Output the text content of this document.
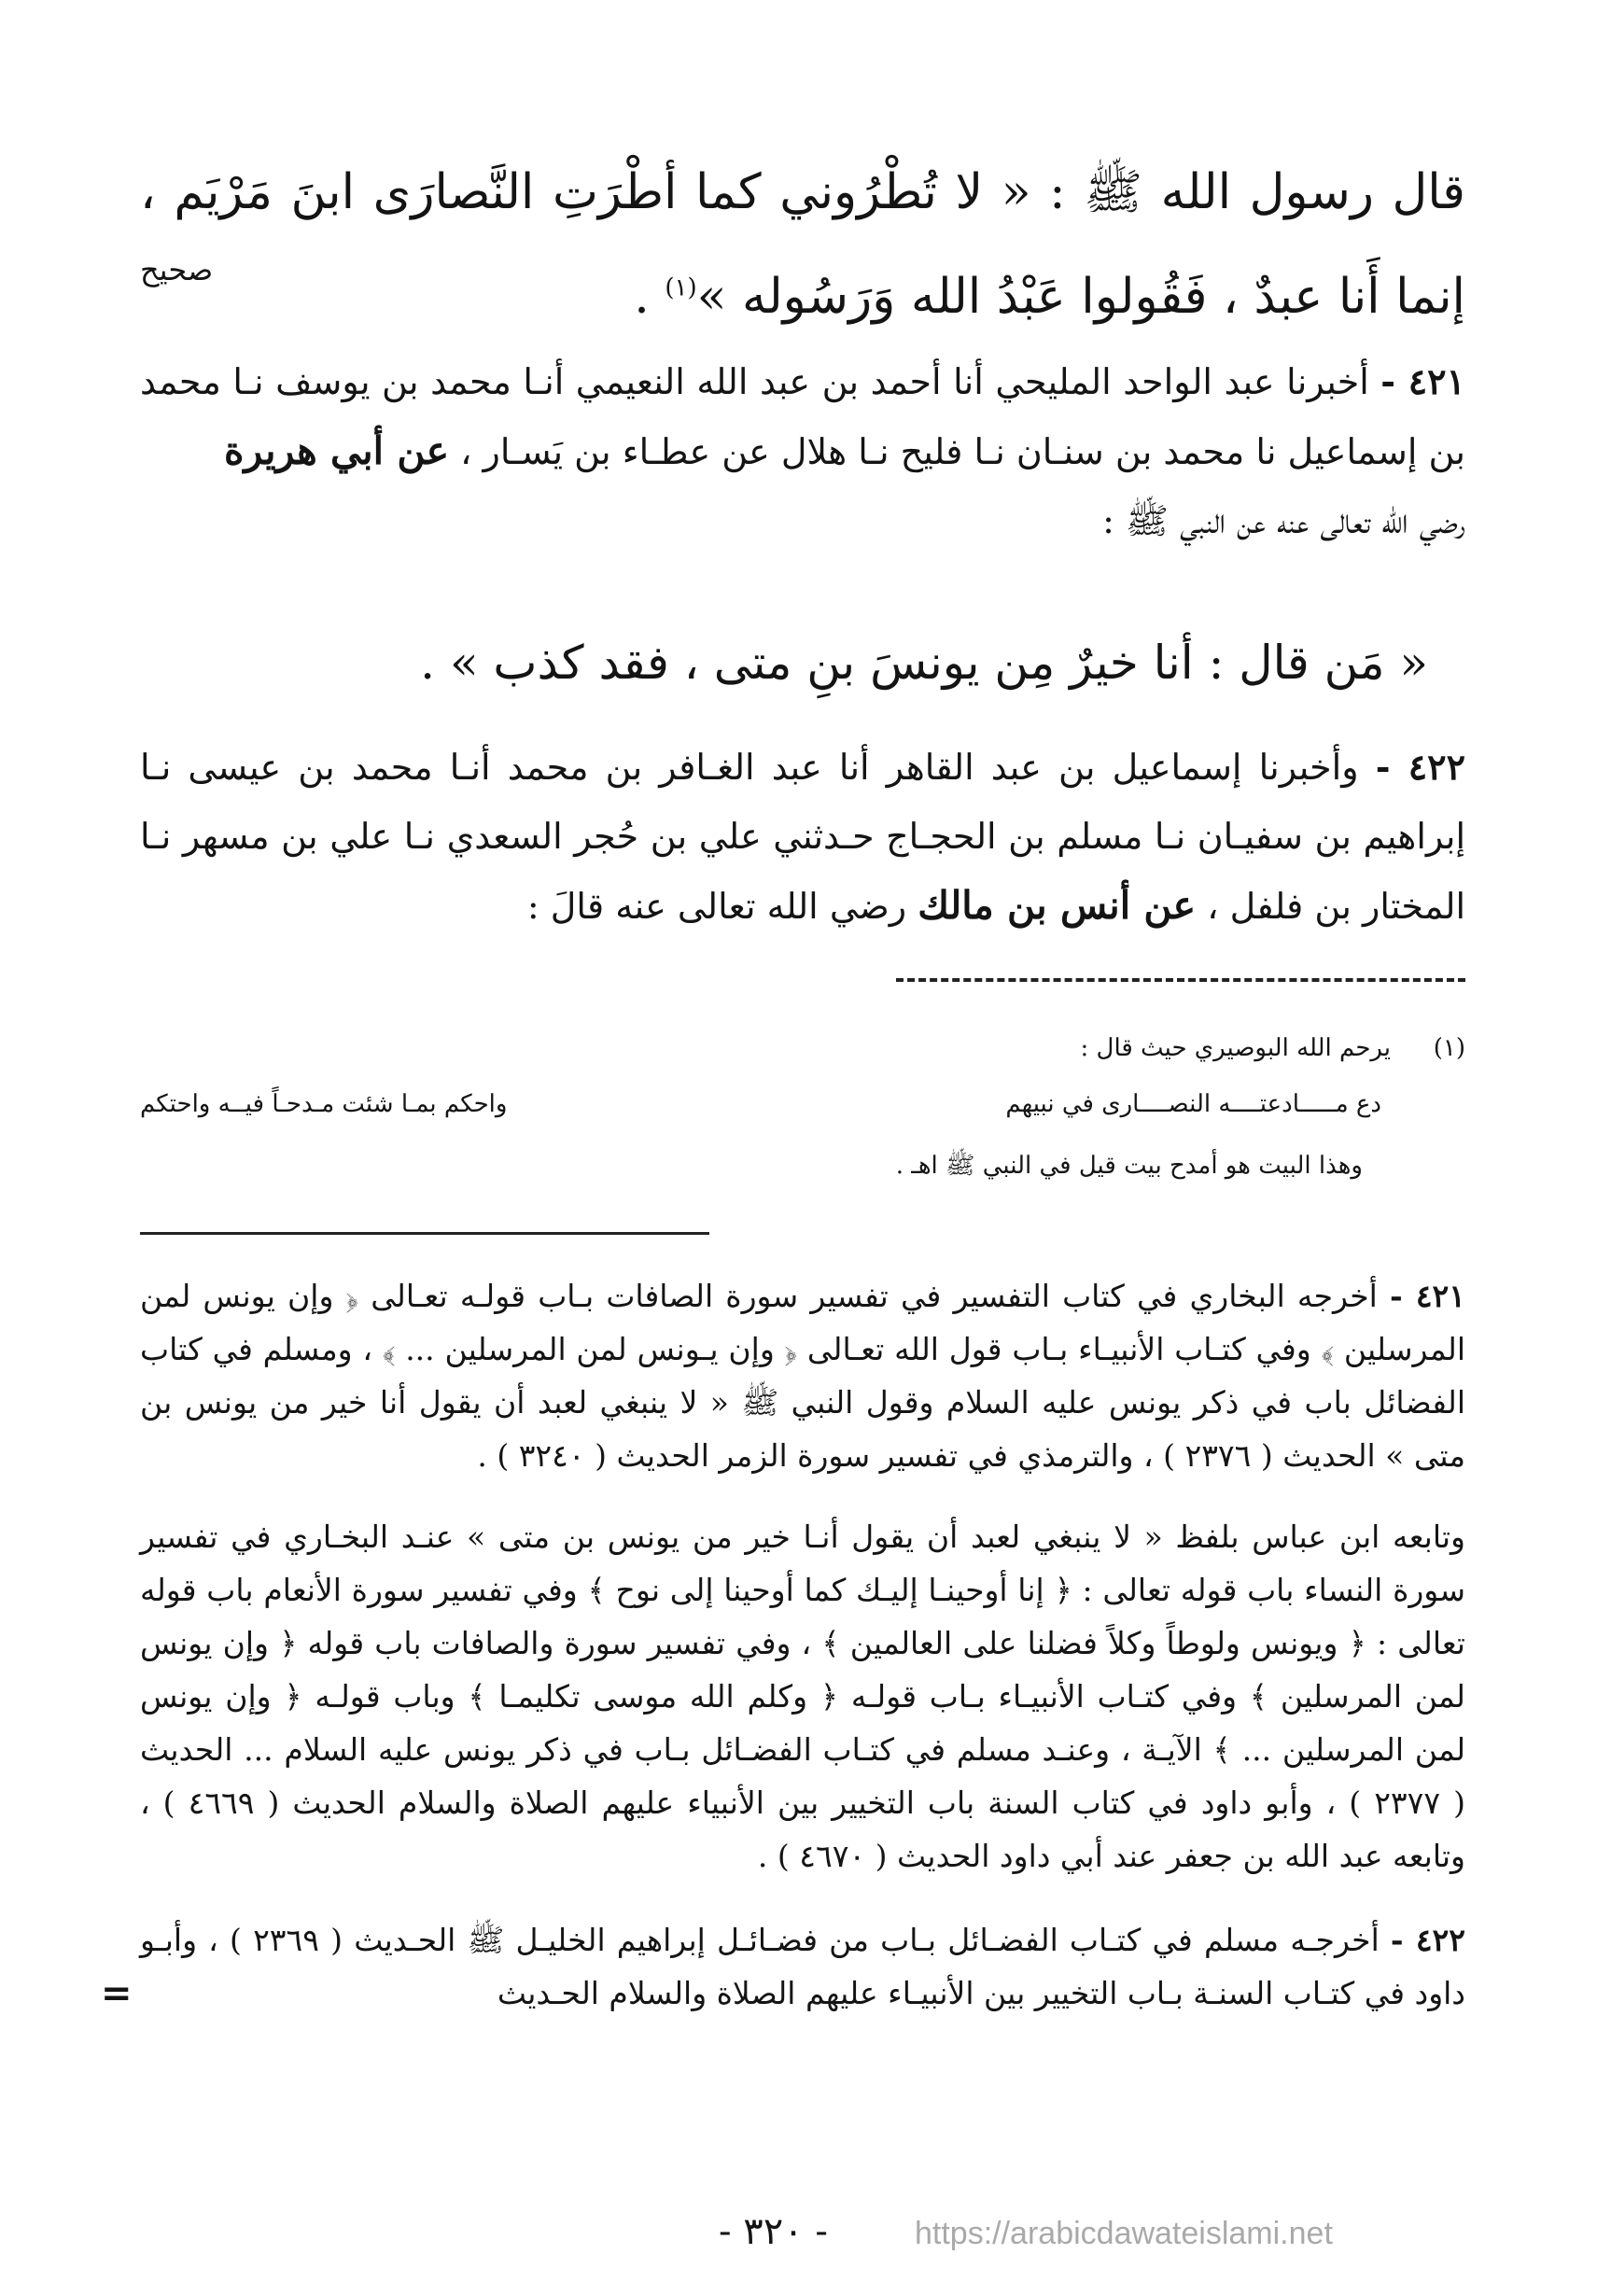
قال رسول الله ﷺ : « لا تُطْرُوني كما أطْرَتِ النَّصارَى ابنَ مَرْيَم ، إنما أَنا عبدٌ ، فَقُولوا عَبْدُ الله وَرَسُوله »$^{(١)}$ .

صحيح

٤٢١ - أخبرنا عبد الواحد المليحي أنا أحمد بن عبد الله النعيمي أنـا محمد بن يوسف نـا محمد بن إسماعيل نا محمد بن سنـان نـا فليح نـا هلال عن عطـاء بن يَسـار ، عن أبي هريرة
رضي الله تعالى عنه عن النبي ﷺ :

« مَن قال : أنا خيرٌ مِن يونسَ بنِ متى ، فقد كذب » .

٤٢٢ - وأخبرنا إسماعيل بن عبد القاهر أنا عبد الغـافر بن محمد أنـا محمد بن عيسى نـا إبراهيم بن سفيـان نـا مسلم بن الحجـاج حـدثني علي بن حُجر السعدي نـا علي بن مسهر نـا المختار بن فلفل ، عن أنس بن مالك رضي الله تعالى عنه قالَ :

(١)يرحم الله البوصيري حيث قال :

دع مـــــادعتــــه النصــــارى في نبيهم
واحكم بمـا شئت مـدحـاً فيــه واحتكم

وهذا البيت هو أمدح بيت قيل في النبي ﷺ اهـ .

٤٢١ - أخرجه البخاري في كتاب التفسير في تفسير سورة الصافات بـاب قولـه تعـالى ﴿ وإن يونس لمن المرسلين ﴾ وفي كتـاب الأنبيـاء بـاب قول الله تعـالى ﴿ وإن يـونس لمن المرسلين ... ﴾ ، ومسلم في كتاب الفضائل باب في ذكر يونس عليه السلام وقول النبي ﷺ « لا ينبغي لعبد أن يقول أنا خير من يونس بن متى » الحديث ( ٢٣٧٦ ) ، والترمذي في تفسير سورة الزمر الحديث ( ٣٢٤٠ ) .

وتابعه ابن عباس بلفظ « لا ينبغي لعبد أن يقول أنـا خير من يونس بن متى » عنـد البخـاري في تفسير سورة النساء باب قوله تعالى : ﴿ إنا أوحينـا إليـك كما أوحينا إلى نوح ﴾ وفي تفسير سورة الأنعام باب قوله تعالى : ﴿ ويونس ولوطاً وكلاً فضلنا على العالمين ﴾ ، وفي تفسير سورة والصافات باب قوله ﴿ وإن يونس لمن المرسلين ﴾ وفي كتـاب الأنبيـاء بـاب قولـه ﴿ وكلم الله موسى تكليمـا ﴾ وباب قولـه ﴿ وإن يونس لمن المرسلين ... ﴾ الآيـة ، وعنـد مسلم في كتـاب الفضـائل بـاب في ذكر يونس عليه السلام ... الحديث ( ٢٣٧٧ ) ، وأبو داود في كتاب السنة باب التخيير بين الأنبياء عليهم الصلاة والسلام الحديث ( ٤٦٦٩ ) ، وتابعه عبد الله بن جعفر عند أبي داود الحديث ( ٤٦٧٠ ) .

٤٢٢ - أخرجـه مسلم في كتـاب الفضـائل بـاب من فضـائـل إبراهيم الخليـل ﷺ الحـديث ( ٢٣٦٩ ) ، وأبـو داود في كتـاب السنـة بـاب التخيير بين الأنبيـاء عليهم الصلاة والسلام الحـديث

=
- ٣٢٠ -	https://arabicdawateislami.net
